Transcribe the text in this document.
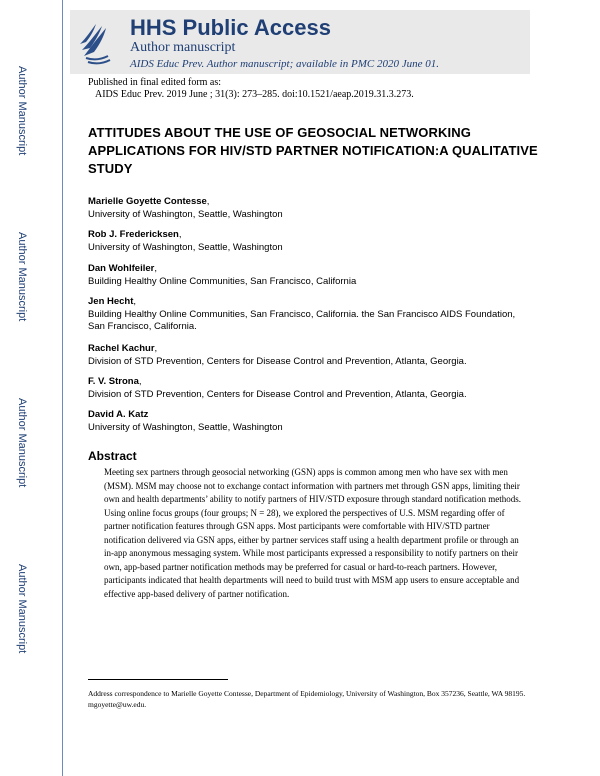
Author Manuscript
Author Manuscript
Author Manuscript
Author Manuscript
HHS Public Access
Author manuscript
AIDS Educ Prev. Author manuscript; available in PMC 2020 June 01.
Published in final edited form as:
AIDS Educ Prev. 2019 June ; 31(3): 273–285. doi:10.1521/aeap.2019.31.3.273.
ATTITUDES ABOUT THE USE OF GEOSOCIAL NETWORKING APPLICATIONS FOR HIV/STD PARTNER NOTIFICATION:A QUALITATIVE STUDY
Marielle Goyette Contesse,
University of Washington, Seattle, Washington
Rob J. Fredericksen,
University of Washington, Seattle, Washington
Dan Wohlfeiler,
Building Healthy Online Communities, San Francisco, California
Jen Hecht,
Building Healthy Online Communities, San Francisco, California. the San Francisco AIDS Foundation, San Francisco, California.
Rachel Kachur,
Division of STD Prevention, Centers for Disease Control and Prevention, Atlanta, Georgia.
F. V. Strona,
Division of STD Prevention, Centers for Disease Control and Prevention, Atlanta, Georgia.
David A. Katz
University of Washington, Seattle, Washington
Abstract
Meeting sex partners through geosocial networking (GSN) apps is common among men who have sex with men (MSM). MSM may choose not to exchange contact information with partners met through GSN apps, limiting their own and health departments’ ability to notify partners of HIV/STD exposure through standard notification methods. Using online focus groups (four groups; N = 28), we explored the perspectives of U.S. MSM regarding offer of partner notification features through GSN apps. Most participants were comfortable with HIV/STD partner notification delivered via GSN apps, either by partner services staff using a health department profile or through an in-app anonymous messaging system. While most participants expressed a responsibility to notify partners on their own, app-based partner notification methods may be preferred for casual or hard-to-reach partners. However, participants indicated that health departments will need to build trust with MSM app users to ensure acceptable and effective app-based delivery of partner notification.
Address correspondence to Marielle Goyette Contesse, Department of Epidemiology, University of Washington, Box 357236, Seattle, WA 98195. mgoyette@uw.edu.
